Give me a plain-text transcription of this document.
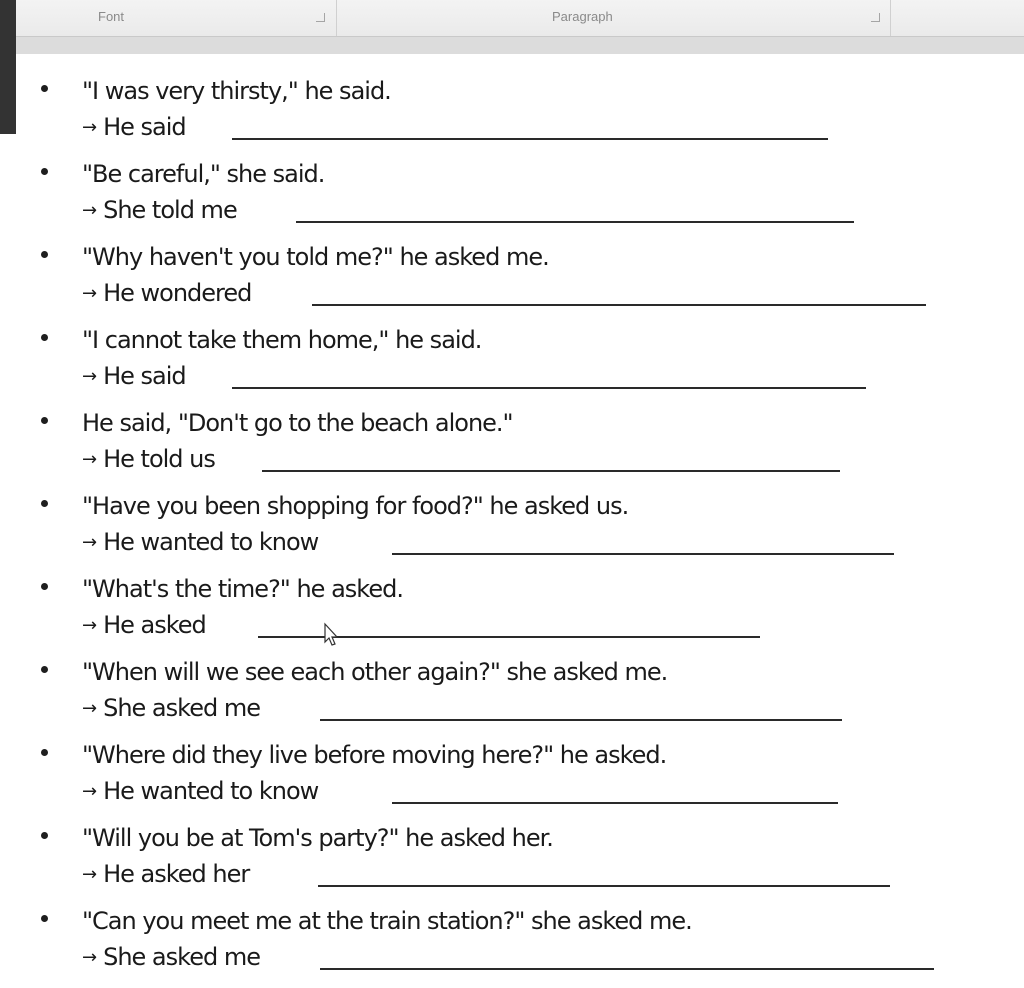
Font	Paragraph
"I was very thirsty," he said.
→ He said
"Be careful," she said.
→ She told me
"Why haven't you told me?" he asked me.
→ He wondered
"I cannot take them home," he said.
→ He said
He said, "Don't go to the beach alone."
→ He told us
"Have you been shopping for food?" he asked us.
→ He wanted to know
"What's the time?" he asked.
→ He asked
"When will we see each other again?" she asked me.
→ She asked me
"Where did they live before moving here?" he asked.
→ He wanted to know
"Will you be at Tom's party?" he asked her.
→ He asked her
"Can you meet me at the train station?" she asked me.
→ She asked me
